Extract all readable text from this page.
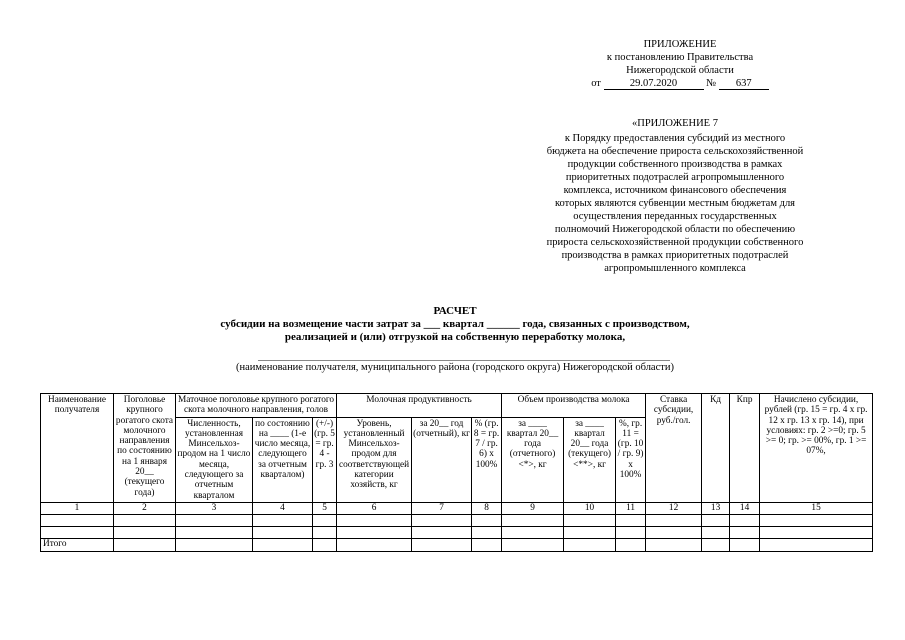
ПРИЛОЖЕНИЕ
к постановлению Правительства
Нижегородской области
от	29.07.2020	№ 637
«ПРИЛОЖЕНИЕ 7
к Порядку предоставления субсидий из местного
бюджета на обеспечение прироста сельскохозяйственной
продукции собственного производства в рамках
приоритетных подотраслей агропромышленного
комплекса, источником финансового обеспечения
которых являются субвенции местным бюджетам для
осуществления переданных государственных
полномочий Нижегородской области по обеспечению
прироста сельскохозяйственной продукции собственного
производства в рамках приоритетных подотраслей
агропромышленного комплекса
РАСЧЕТ
субсидии на возмещение части затрат за ___ квартал ______ года, связанных с производством,
реализацией и (или) отгрузкой на собственную переработку молока,
(наименование получателя, муниципального района (городского округа) Нижегородской области)
Наименование получателя	Поголовье крупного рогатого скота молочного направления по состоянию на 1 января 20__ (текущего года)	Маточное поголовье крупного рогатого скота молочного направления, голов			Молочная продуктивность			Объем производства молока			Ставка субсидии, руб./гол.	Кд	Кпр	Начислено субсидии, рублей (гр. 15 = гр. 4 x гр. 12 x гр. 13 x гр. 14), при условиях: гр. 2 >=0; гр. 5 >= 0; гр. >= 00%, гр. 1 >= 07%,
		Численность, установленная Минсельхоз-продом на 1 число месяца, следующего за отчетным кварталом	по состоянию на ____ (1-е число месяца, следующего за отчетным кварталом)	(+/-) (гр. 5 = гр. 4 - гр. 3	Уровень, установленный Минсельхоз-продом для соответствующей категории хозяйств, кг	за 20__ год (отчетный), кг	% (гр. 8 = гр. 7 / гр. 6) x 100%	за ____ квартал 20__ года (отчетного) <*>, кг	за ____ квартал 20__ года (текущего) <**>, кг	%, гр. 11 = (гр. 10 / гр. 9) x 100%				
1	2	3	4	5	6	7	8	9	10	11	12	13	14	15

Итого														
